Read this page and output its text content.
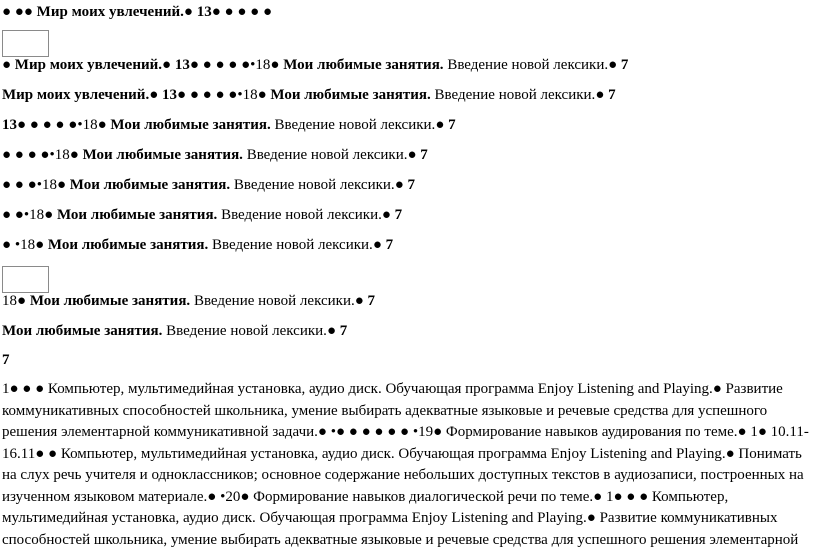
● ●● Мир моих увлечений.● 13● ● ● ● ●
● Мир моих увлечений.● 13● ● ● ● ●•18● Мои любимые занятия. Введение новой лексики.● 7
Мир моих увлечений.● 13● ● ● ● ●•18● Мои любимые занятия. Введение новой лексики.● 7
13● ● ● ● ●•18● Мои любимые занятия. Введение новой лексики.● 7
● ● ● ●•18● Мои любимые занятия. Введение новой лексики.● 7
● ● ●•18● Мои любимые занятия. Введение новой лексики.● 7
● ●•18● Мои любимые занятия. Введение новой лексики.● 7
● •18● Мои любимые занятия. Введение новой лексики.● 7
18● Мои любимые занятия. Введение новой лексики.● 7
Мои любимые занятия. Введение новой лексики.● 7
7
1● ● ● Компьютер, мультимедийная установка, аудио диск. Обучающая программа Enjoy Listening and Playing.● Развитие коммуникативных способностей школьника, умение выбирать адекватные языковые и речевые средства для успешного решения элементарной коммуникативной задачи.● •● ● ● ● ● ● •19● Формирование навыков аудирования по теме.● 1● 10.11-16.11● ● Компьютер, мультимедийная установка, аудио диск. Обучающая программа Enjoy Listening and Playing.● Понимать на слух речь учителя и одноклассников; основное содержание небольших доступных текстов в аудиозаписи, построенных на изученном языковом материале.● •20● Формирование навыков диалогической речи по теме.● 1● ● ● Компьютер, мультимедийная установка, аудио диск. Обучающая программа Enjoy Listening and Playing.● Развитие коммуникативных способностей школьника, умение выбирать адекватные языковые и речевые средства для успешного решения элементарной
